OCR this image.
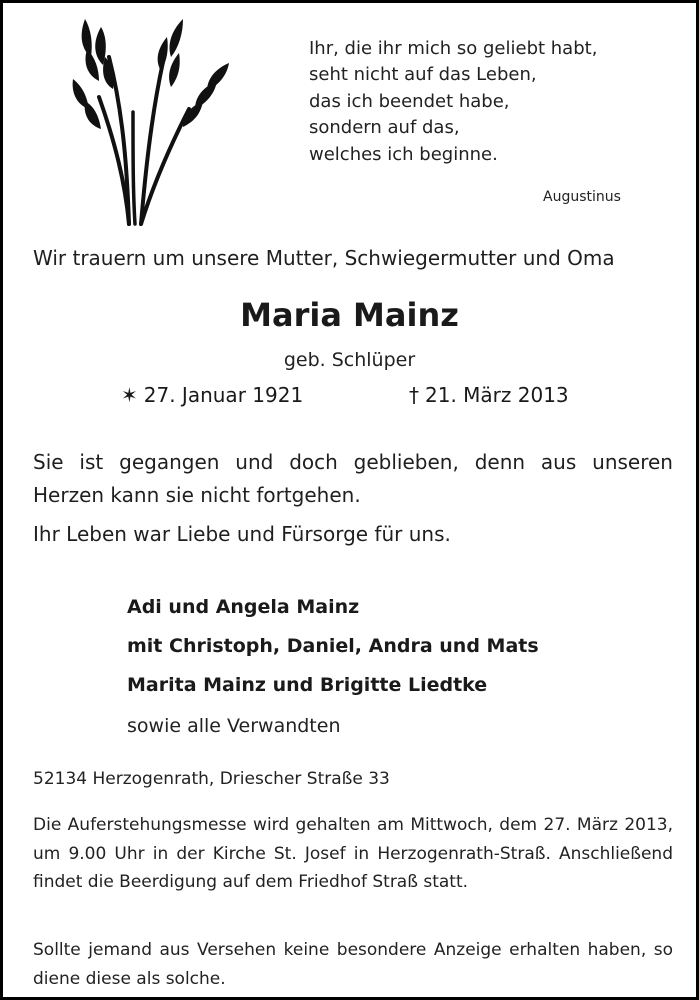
Ihr, die ihr mich so geliebt habt,
seht nicht auf das Leben,
das ich beendet habe,
sondern auf das,
welches ich beginne.
Augustinus
Wir trauern um unsere Mutter, Schwiegermutter und Oma
Maria Mainz
geb. Schlüper
✶ 27. Januar 1921	† 21. März 2013
Sie ist gegangen und doch geblieben, denn aus unseren Herzen kann sie nicht fortgehen.
Ihr Leben war Liebe und Fürsorge für uns.
Adi und Angela Mainz
mit Christoph, Daniel, Andra und Mats
Marita Mainz und Brigitte Liedtke
sowie alle Verwandten
52134 Herzogenrath, Driescher Straße 33
Die Auferstehungsmesse wird gehalten am Mittwoch, dem 27. März 2013, um 9.00 Uhr in der Kirche St. Josef in Herzogenrath-Straß. Anschließend findet die Beerdigung auf dem Friedhof Straß statt.
Sollte jemand aus Versehen keine besondere Anzeige erhalten haben, so diene diese als solche.
